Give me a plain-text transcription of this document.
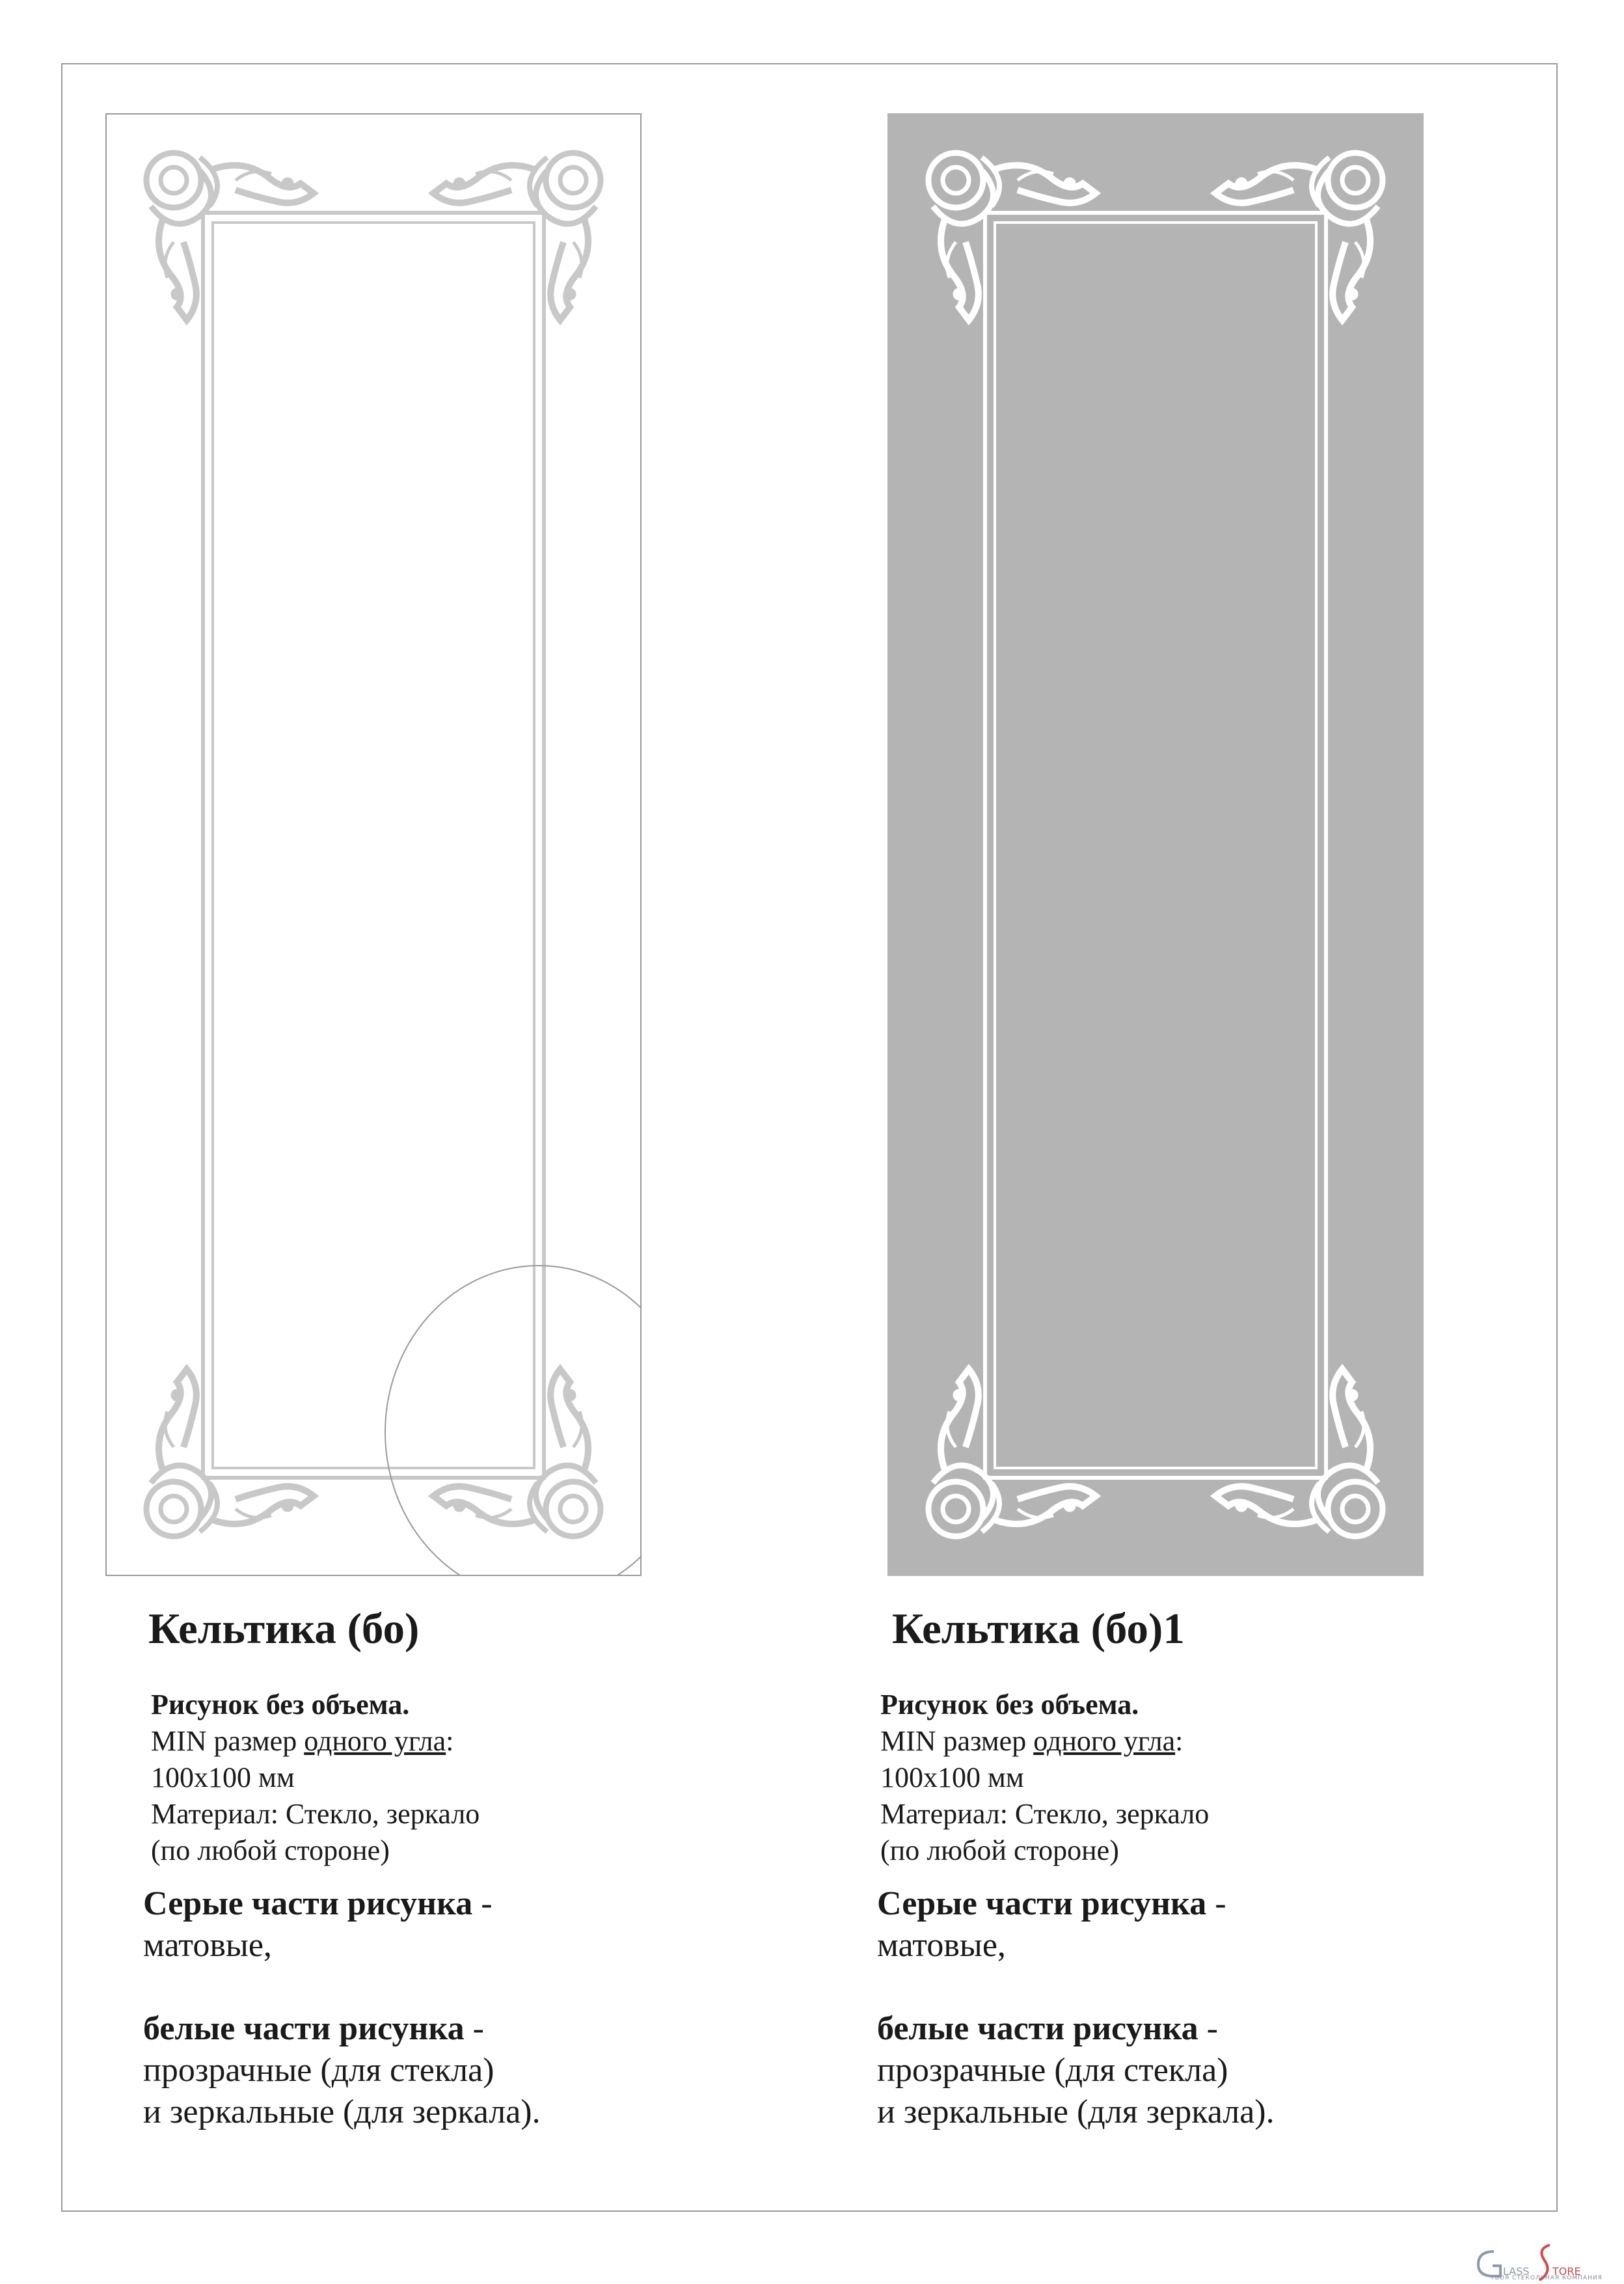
Кельтика (бо)
Рисунок без объема.
MIN размер одного угла:
100х100 мм
Материал: Стекло, зеркало
(по любой стороне)
Серые части рисунка -
матовые,
белые части рисунка -
прозрачные (для стекла)
и зеркальные (для зеркала).
Кельтика (бо)1
Рисунок без объема.
MIN размер одного угла:
100х100 мм
Материал: Стекло, зеркало
(по любой стороне)
Серые части рисунка -
матовые,
белые части рисунка -
прозрачные (для стекла)
и зеркальные (для зеркала).
LASS TORE
ТВОЯ СТЕКОЛЬНАЯ КОМПАНИЯ
